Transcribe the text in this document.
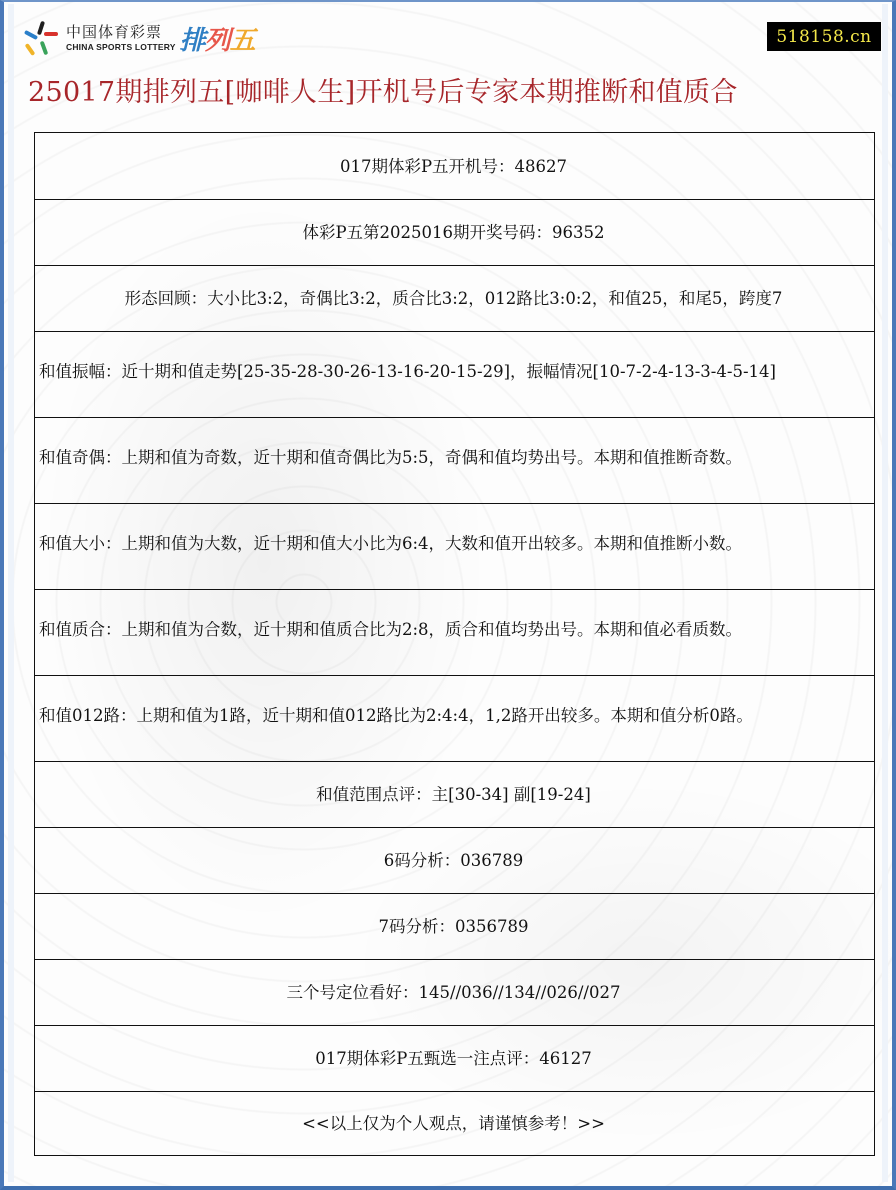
中国体育彩票
CHINA SPORTS LOTTERY 排列五	518158.cn
25017期排列五[咖啡人生]开机号后专家本期推断和值质合
017期体彩P五开机号：48627
体彩P五第2025016期开奖号码：96352
形态回顾：大小比3:2，奇偶比3:2，质合比3:2，012路比3:0:2，和值25，和尾5，跨度7
和值振幅：近十期和值走势[25-35-28-30-26-13-16-20-15-29]，振幅情况[10-7-2-4-13-3-4-5-14]
和值奇偶：上期和值为奇数，近十期和值奇偶比为5:5，奇偶和值均势出号。本期和值推断奇数。
和值大小：上期和值为大数，近十期和值大小比为6:4，大数和值开出较多。本期和值推断小数。
和值质合：上期和值为合数，近十期和值质合比为2:8，质合和值均势出号。本期和值必看质数。
和值012路：上期和值为1路，近十期和值012路比为2:4:4，1,2路开出较多。本期和值分析0路。
和值范围点评：主[30-34] 副[19-24]
6码分析：036789
7码分析：0356789
三个号定位看好：145//036//134//026//027
017期体彩P五甄选一注点评：46127
<<以上仅为个人观点，请谨慎参考！>>
